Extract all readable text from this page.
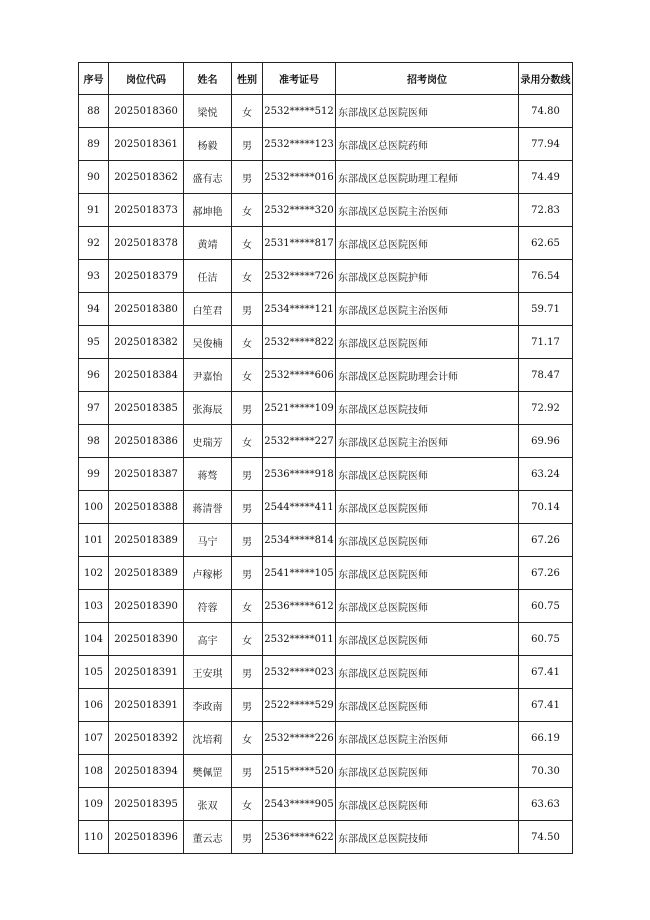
序号	岗位代码	姓名	性别	准考证号	招考岗位	录用分数线
88	2025018360	梁悦	女	2532*****512	东部战区总医院医师	74.80
89	2025018361	杨毅	男	2532*****123	东部战区总医院药师	77.94
90	2025018362	盛有志	男	2532*****016	东部战区总医院助理工程师	74.49
91	2025018373	郝坤艳	女	2532*****320	东部战区总医院主治医师	72.83
92	2025018378	黄靖	女	2531*****817	东部战区总医院医师	62.65
93	2025018379	任洁	女	2532*****726	东部战区总医院护师	76.54
94	2025018380	白笙君	男	2534*****121	东部战区总医院主治医师	59.71
95	2025018382	吴俊楠	女	2532*****822	东部战区总医院医师	71.17
96	2025018384	尹嘉怡	女	2532*****606	东部战区总医院助理会计师	78.47
97	2025018385	张海辰	男	2521*****109	东部战区总医院技师	72.92
98	2025018386	史瑞芳	女	2532*****227	东部战区总医院主治医师	69.96
99	2025018387	蒋骜	男	2536*****918	东部战区总医院医师	63.24
100	2025018388	蒋清誉	男	2544*****411	东部战区总医院医师	70.14
101	2025018389	马宁	男	2534*****814	东部战区总医院医师	67.26
102	2025018389	卢稼彬	男	2541*****105	东部战区总医院医师	67.26
103	2025018390	符蓉	女	2536*****612	东部战区总医院医师	60.75
104	2025018390	高宇	女	2532*****011	东部战区总医院医师	60.75
105	2025018391	王安琪	男	2532*****023	东部战区总医院医师	67.41
106	2025018391	李政南	男	2522*****529	东部战区总医院医师	67.41
107	2025018392	沈培莉	女	2532*****226	东部战区总医院主治医师	66.19
108	2025018394	樊佩罡	男	2515*****520	东部战区总医院医师	70.30
109	2025018395	张双	女	2543*****905	东部战区总医院医师	63.63
110	2025018396	董云志	男	2536*****622	东部战区总医院技师	74.50
